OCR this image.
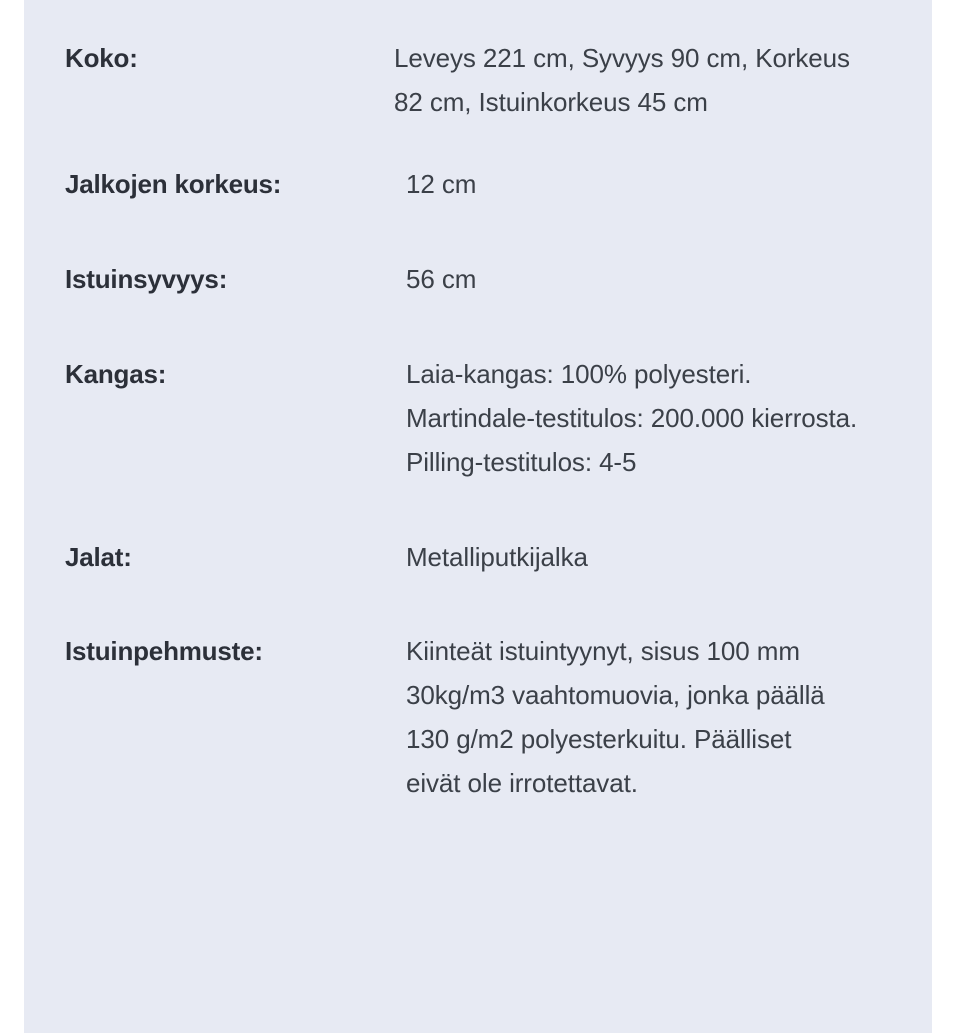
Koko:	Leveys 221 cm, Syvyys 90 cm, Korkeus 82 cm, Istuinkorkeus 45 cm
Jalkojen korkeus:	12 cm
Istuinsyvyys:	56 cm
Kangas:	Laia-kangas: 100% polyesteri. Martindale-testitulos: 200.000 kierrosta. Pilling-testitulos: 4-5
Jalat:	Metalliputkijalka
Istuinpehmuste:	Kiinteät istuintyynyt, sisus 100 mm 30kg/m3 vaahtomuovia, jonka päällä 130 g/m2 polyesterkuitu. Päälliset eivät ole irrotettavat.
